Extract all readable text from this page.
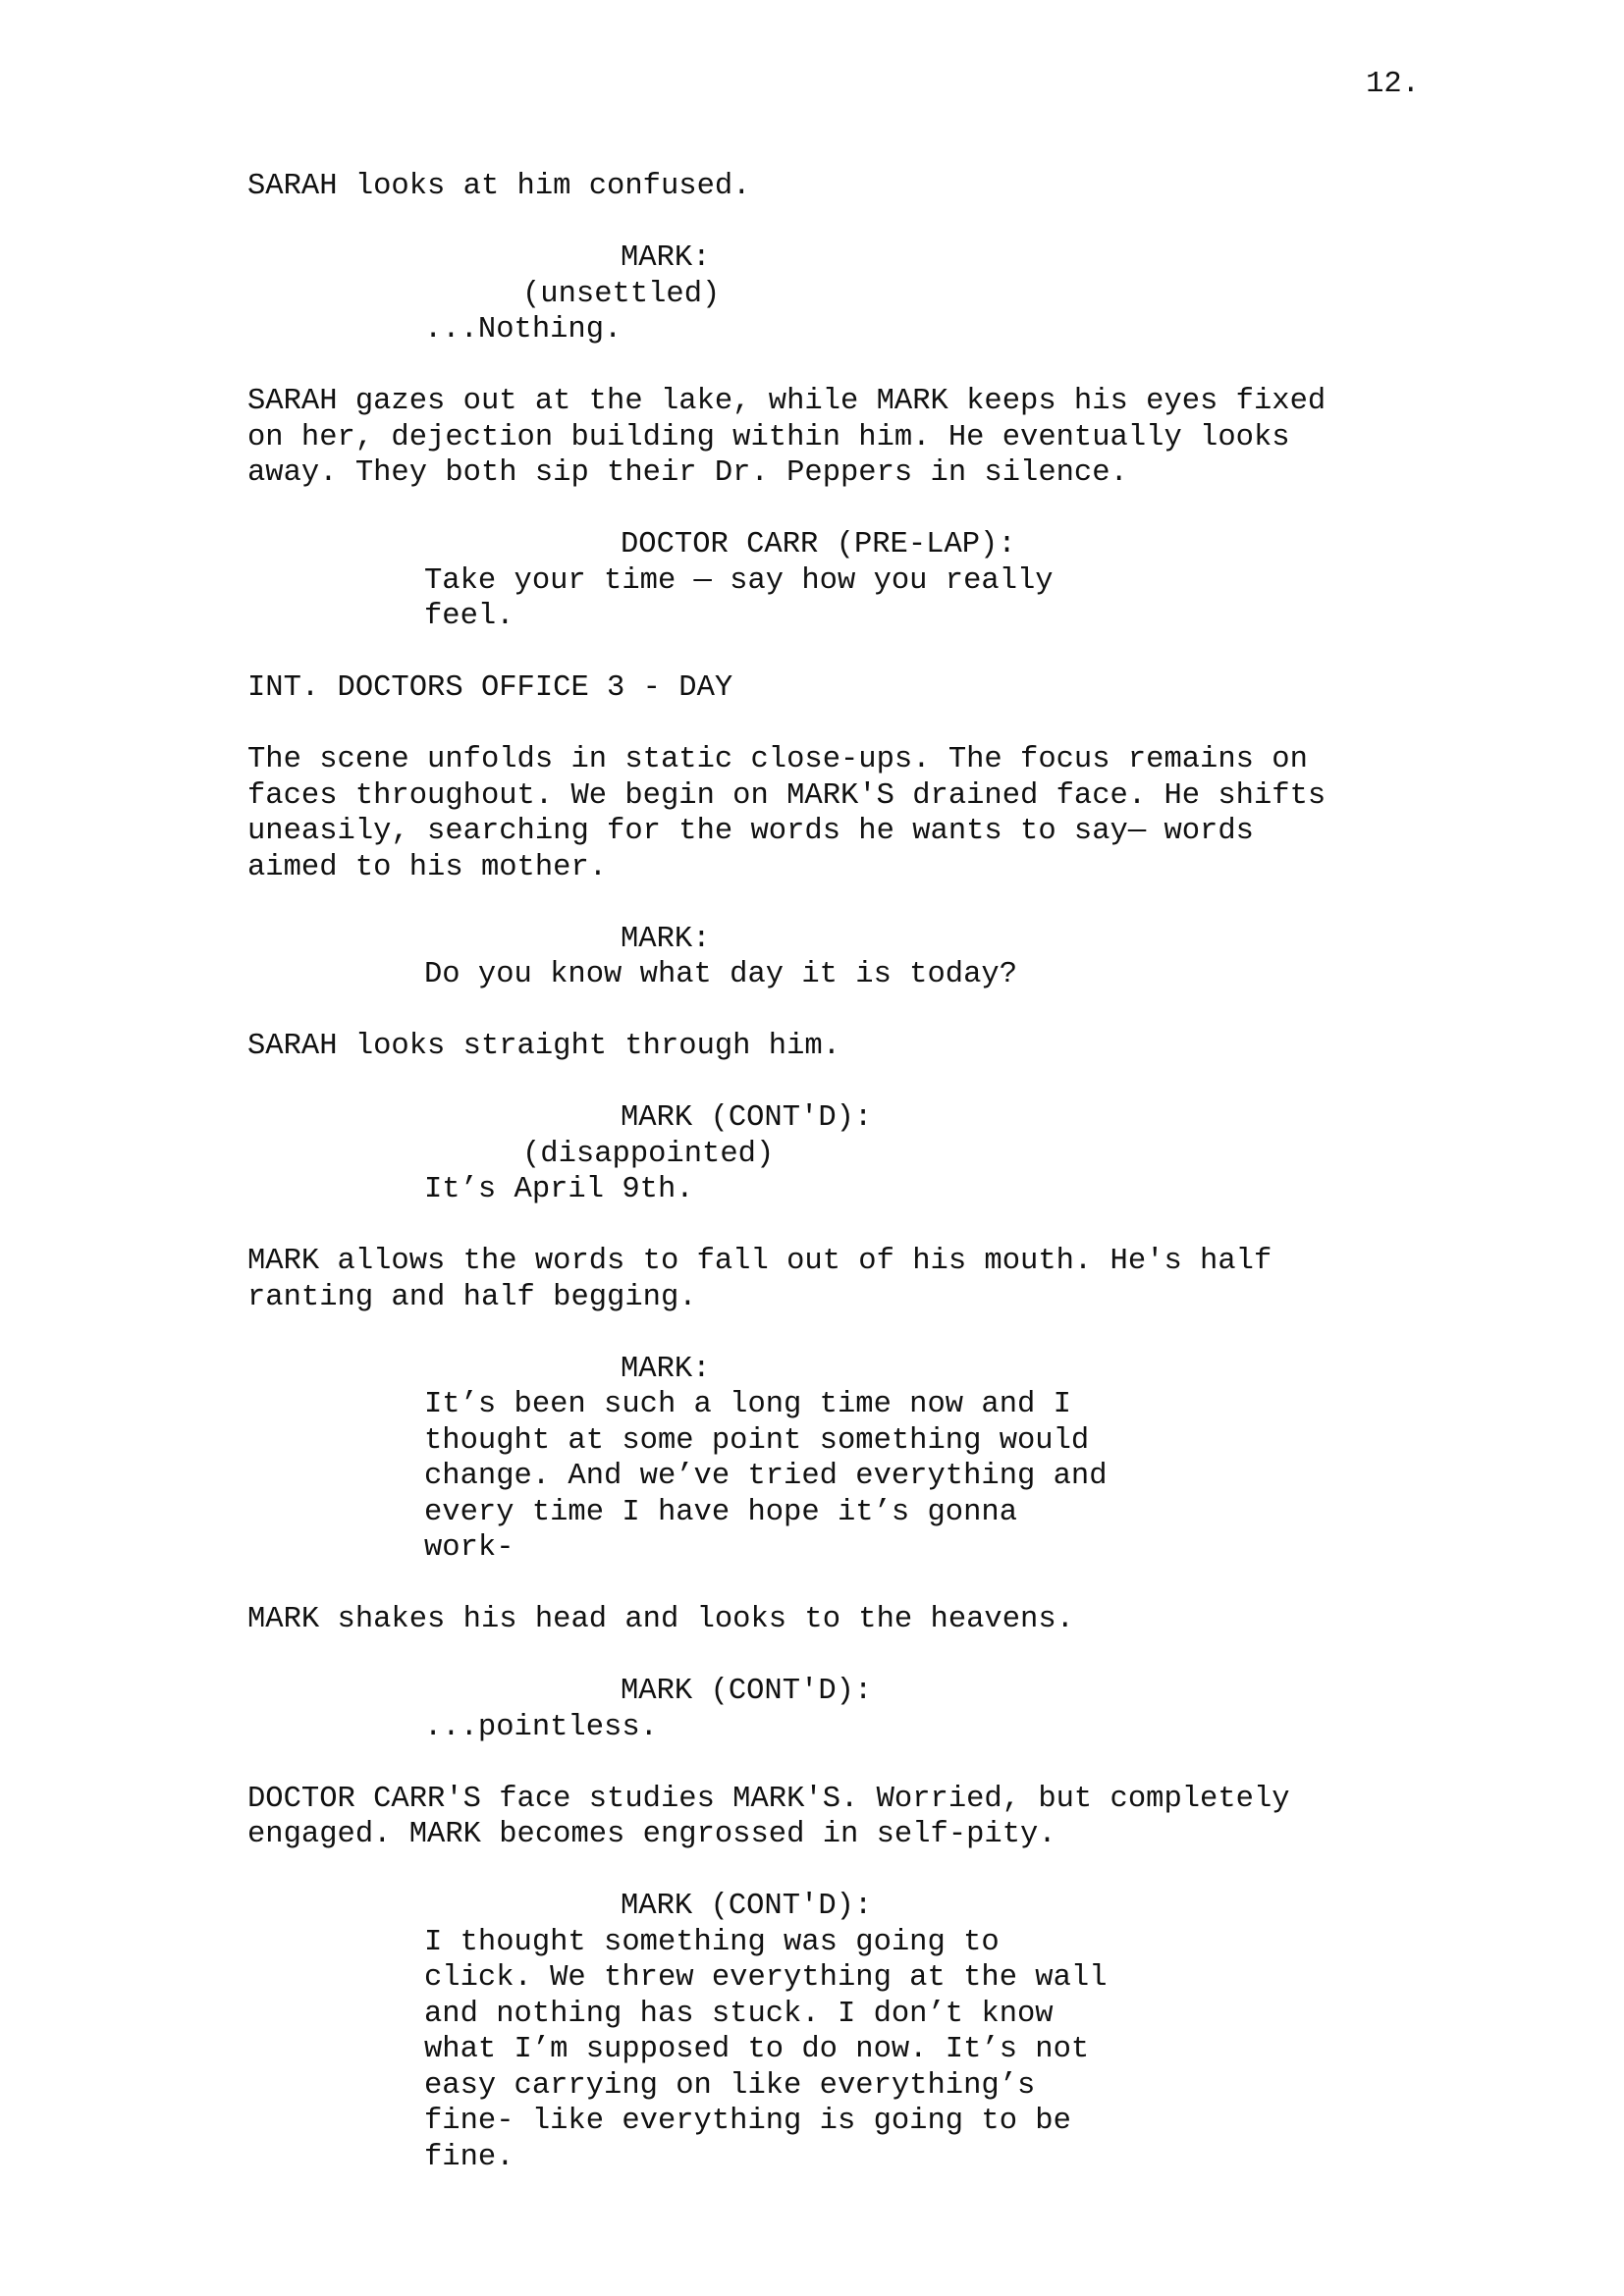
12.
SARAH looks at him confused.
MARK:
(unsettled)
...Nothing.
SARAH gazes out at the lake, while MARK keeps his eyes fixed
on her, dejection building within him. He eventually looks
away. They both sip their Dr. Peppers in silence.
DOCTOR CARR (PRE-LAP):
Take your time — say how you really
feel.
INT. DOCTORS OFFICE 3 - DAY
The scene unfolds in static close-ups. The focus remains on
faces throughout. We begin on MARK'S drained face. He shifts
uneasily, searching for the words he wants to say— words
aimed to his mother.
MARK:
Do you know what day it is today?
SARAH looks straight through him.
MARK (CONT'D):
(disappointed)
It’s April 9th.
MARK allows the words to fall out of his mouth. He's half
ranting and half begging.
MARK:
It’s been such a long time now and I
thought at some point something would
change. And we’ve tried everything and
every time I have hope it’s gonna
work-
MARK shakes his head and looks to the heavens.
MARK (CONT'D):
...pointless.
DOCTOR CARR'S face studies MARK'S. Worried, but completely
engaged. MARK becomes engrossed in self-pity.
MARK (CONT'D):
I thought something was going to
click. We threw everything at the wall
and nothing has stuck. I don’t know
what I’m supposed to do now. It’s not
easy carrying on like everything’s
fine- like everything is going to be
fine.
